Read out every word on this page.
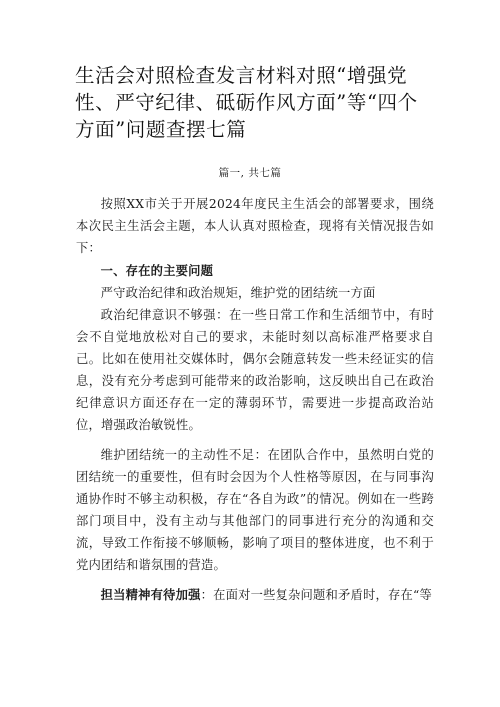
生活会对照检查发言材料对照“增强党性、严守纪律、砥砺作风方面”等“四个方面”问题查摆七篇
篇一, 共七篇

按照XX市关于开展2024年度民主生活会的部署要求，围绕本次民主生活会主题，本人认真对照检查，现将有关情况报告如下：

一、存在的主要问题

严守政治纪律和政治规矩，维护党的团结统一方面

政治纪律意识不够强：在一些日常工作和生活细节中，有时会不自觉地放松对自己的要求，未能时刻以高标准严格要求自己。比如在使用社交媒体时，偶尔会随意转发一些未经证实的信息，没有充分考虑到可能带来的政治影响，这反映出自己在政治纪律意识方面还存在一定的薄弱环节，需要进一步提高政治站位，增强政治敏锐性。

维护团结统一的主动性不足：在团队合作中，虽然明白党的团结统一的重要性，但有时会因为个人性格等原因，在与同事沟通协作时不够主动积极，存在“各自为政”的情况。例如在一些跨部门项目中，没有主动与其他部门的同事进行充分的沟通和交流，导致工作衔接不够顺畅，影响了项目的整体进度，也不利于党内团结和谐氛围的营造。

担当精神有待加强：在面对一些复杂问题和矛盾时，存在“等
